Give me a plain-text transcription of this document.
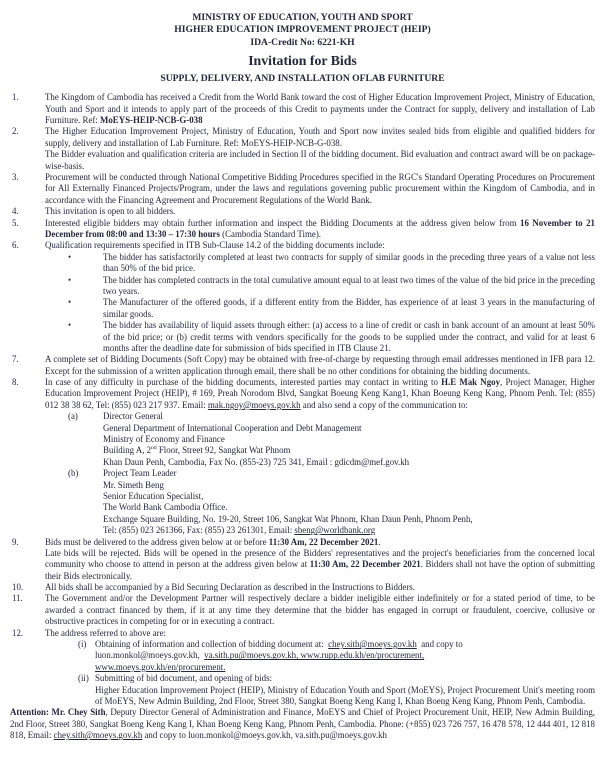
MINISTRY OF EDUCATION, YOUTH AND SPORT
HIGHER EDUCATION IMPROVEMENT PROJECT (HEIP)
IDA-Credit No: 6221-KH
Invitation for Bids
SUPPLY, DELIVERY, AND INSTALLATION OFLAB FURNITURE
1.	The Kingdom of Cambodia has received a Credit from the World Bank toward the cost of Higher Education Improvement Project, Ministry of Education, Youth and Sport and it intends to apply part of the proceeds of this Credit to payments under the Contract for supply, delivery and installation of Lab Furniture. Ref: MoEYS-HEIP-NCB-G-038
2.	The Higher Education Improvement Project, Ministry of Education, Youth and Sport now invites sealed bids from eligible and qualified bidders for supply, delivery and installation of Lab Furniture. Ref: MoEYS-HEIP-NCB-G-038.
The Bidder evaluation and qualification criteria are included in Section II of the bidding document. Bid evaluation and contract award will be on package-wise-basis.
3.	Procurement will be conducted through National Competitive Bidding Procedures specified in the RGC's Standard Operating Procedures on Procurement for All Externally Financed Projects/Program, under the laws and regulations governing public procurement within the Kingdom of Cambodia, and in accordance with the Financing Agreement and Procurement Regulations of the World Bank.
4.	This invitation is open to all bidders.
5.	Interested eligible bidders may obtain further information and inspect the Bidding Documents at the address given below from 16 November to 21 December from 08:00 and 13:30 – 17:30 hours (Cambodia Standard Time).
6.	Qualification requirements specified in ITB Sub-Clause 14.2 of the bidding documents include:
•	The bidder has satisfactorily completed at least two contracts for supply of similar goods in the preceding three years of a value not less than 50% of the bid price.
•	The bidder has completed contracts in the total cumulative amount equal to at least two times of the value of the bid price in the preceding two years.
•	The Manufacturer of the offered goods, if a different entity from the Bidder, has experience of at least 3 years in the manufacturing of similar goods.
•	The bidder has availability of liquid assets through either: (a) access to a line of credit or cash in bank account of an amount at least 50% of the bid price; or (b) credit terms with vendors specifically for the goods to be supplied under the contract, and valid for at least 6 months after the deadline date for submission of bids specified in ITB Clause 21.
7.	A complete set of Bidding Documents (Soft Copy) may be obtained with free-of-charge by requesting through email addresses mentioned in IFB para 12. Except for the submission of a written application through email, there shall be no other conditions for obtaining the bidding documents.
8.	In case of any difficulty in purchase of the bidding documents, interested parties may contact in writing to H.E Mak Ngoy, Project Manager, Higher Education Improvement Project (HEIP), # 169, Preah Norodom Blvd, Sangkat Boeung Keng Kang1, Khan Boeung Keng Kang, Phnom Penh. Tel: (855) 012 38 38 62, Tel: (855) 023 217 937. Email: mak.ngoy@moeys.gov.kh and also send a copy of the communication to:
(a)	Director General
General Department of International Cooperation and Debt Management
Ministry of Economy and Finance
Building A, 2nd Floor, Street 92, Sangkat Wat Phnom
Khan Daun Penh, Cambodia, Fax No. (855-23) 725 341, Email : gdicdm@mef.gov.kh
(b)	Project Team Leader
Mr. Simeth Beng
Senior Education Specialist,
The World Bank Cambodia Office.
Exchange Square Building, No. 19-20, Street 106, Sangkat Wat Phnom, Khan Daun Penh, Phnom Penh,
Tel: (855) 023 261366, Fax: (855) 23 261301, Email: sbeng@worldbank.org
9.	Bids must be delivered to the address given below at or before 11:30 Am, 22 December 2021.
Late bids will be rejected. Bids will be opened in the presence of the Bidders' representatives and the project's beneficiaries from the concerned local community who choose to attend in person at the address given below at 11:30 Am, 22 December 2021. Bidders shall not have the option of submitting their Bids electronically.
10.	All bids shall be accompanied by a Bid Securing Declaration as described in the Instructions to Bidders.
11.	The Government and/or the Development Partner will respectively declare a bidder ineligible either indefinitely or for a stated period of time, to be awarded a contract financed by them, if it at any time they determine that the bidder has engaged in corrupt or fraudulent, coercive, collusive or obstructive practices in competing for or in executing a contract.
12.	The address referred to above are:
(i) Obtaining of information and collection of bidding document at:  chey.sith@moeys.gov.kh  and copy to
luon.monkol@moeys.gov.kh,  va.sith.pu@moeys.gov.kh, www.rupp.edu.kh/en/procurement,
www.moeys.gov.kh/en/procurement.
(ii) Submitting of bid document, and opening of bids:
Higher Education Improvement Project (HEIP), Ministry of Education Youth and Sport (MoEYS), Project Procurement Unit's meeting room of MoEYS, New Admin Building, 2nd Floor, Street 380, Sangkat Boeng Keng Kang I, Khan Boeng Keng Kang, Phnom Penh, Cambodia.
Attention: Mr. Chey Sith, Deputy Director General of Administration and Finance, MoEYS and Chief of Project Procurement Unit, HEIP, New Admin Building, 2nd Floor, Street 380, Sangkat Boeng Keng Kang I, Khan Boeng Keng Kang, Phnom Penh, Cambodia. Phone: (+855) 023 726 757, 16 478 578, 12 444 401, 12 818 818, Email: chey.sith@moeys.gov.kh and copy to luon.monkol@moeys.gov.kh, va.sith.pu@moeys.gov.kh
